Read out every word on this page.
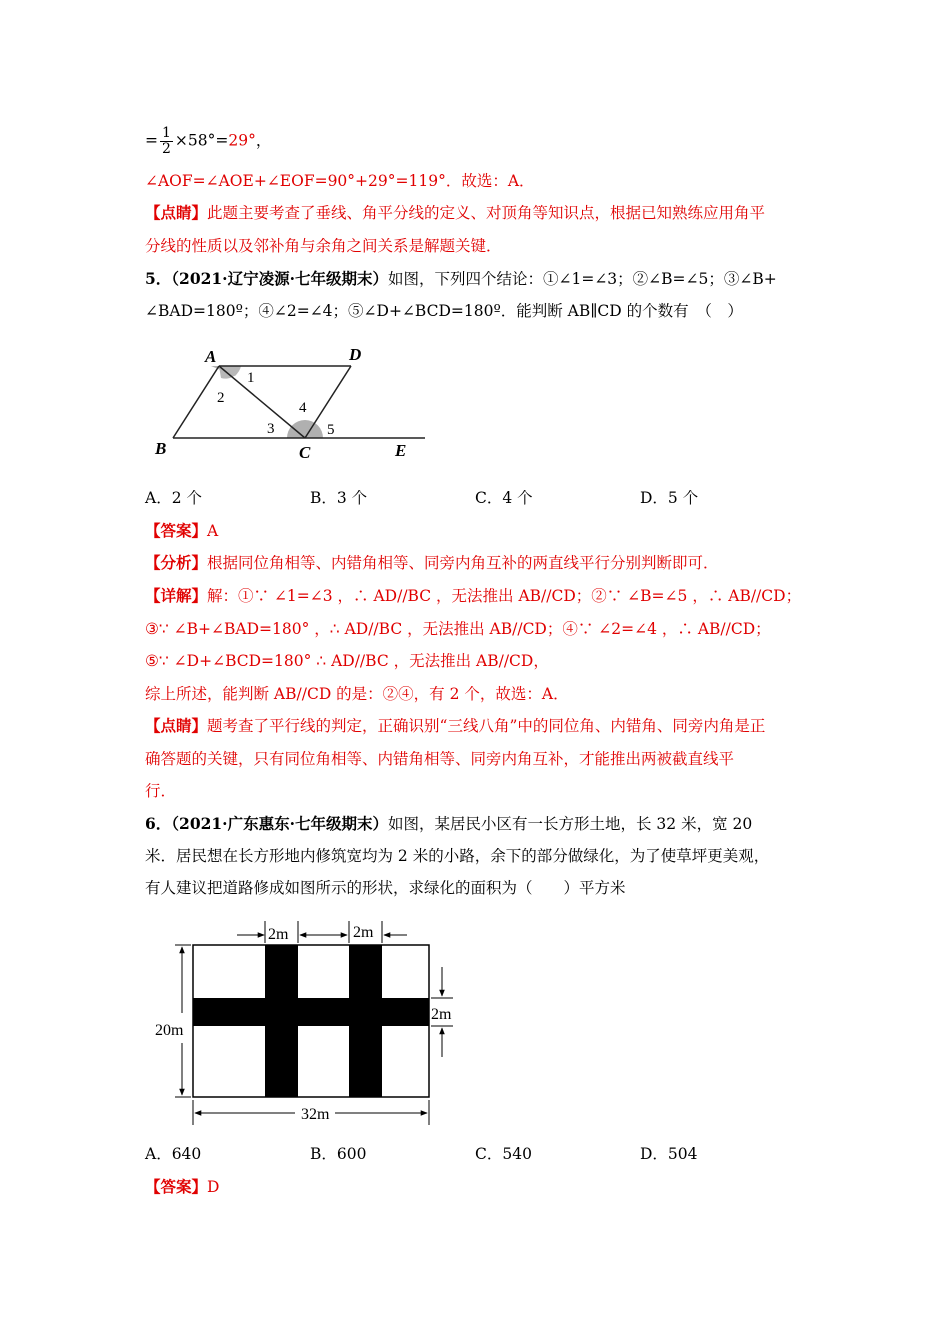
= $\frac{1}{2} \times 58^\circ=29^\circ$，
∠AOF=∠AOE+∠EOF=90°+29°=119°．故选：A．
【点睛】此题主要考查了垂线、角平分线的定义、对顶角等知识点，根据已知熟练应用角平
分线的性质以及邻补角与余角之间关系是解题关键．
5．（2021·辽宁凌源·七年级期末）如图，下列四个结论：①∠1=∠3；②∠B=∠5；③∠B+
∠BAD=180º；④∠2=∠4；⑤∠D+∠BCD=180º．能判断 AB∥CD 的个数有　（　）
A	D
B	C	E
1
2
3
4
5
A．2 个	B．3 个	C．4 个	D．5 个
【答案】A
【分析】根据同位角相等、内错角相等、同旁内角互补的两直线平行分别判断即可．
【详解】解：①∵ ∠1=∠3 ，∴ AD//BC ，无法推出 AB//CD；②∵ ∠B=∠5 ，∴ AB//CD；
③∵ ∠B+∠BAD=180° ，∴ AD//BC ，无法推出 AB//CD；④∵ ∠2=∠4 ，∴ AB//CD；
⑤∵ ∠D+∠BCD=180° ∴ AD//BC ，无法推出 AB//CD，
综上所述，能判断 AB//CD 的是：②④，有 2 个，故选：A．
【点睛】题考查了平行线的判定，正确识别“三线八角”中的同位角、内错角、同旁内角是正
确答题的关键，只有同位角相等、内错角相等、同旁内角互补，才能推出两被截直线平
行．
6．（2021·广东惠东·七年级期末）如图，某居民小区有一长方形土地，长 32 米，宽 20
米．居民想在长方形地内修筑宽均为 2 米的小路，余下的部分做绿化，为了使草坪更美观，
有人建议把道路修成如图所示的形状，求绿化的面积为（　　）平方米
2m	2m
20m
2m
32m
A．640	B．600	C．540	D．504
【答案】D
